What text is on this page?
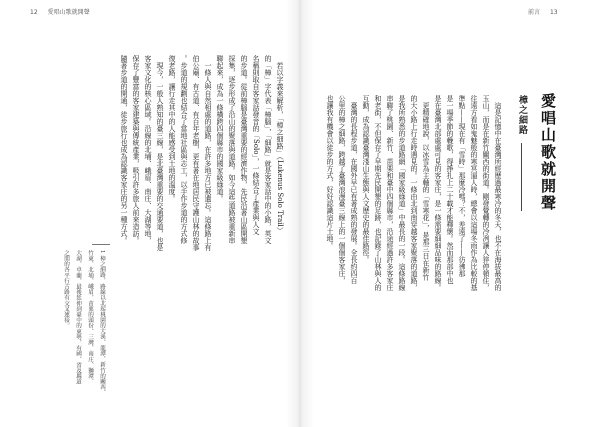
12 愛唱山歌就開聲	前言 13
愛唱山歌就開聲
樟之細路
　這是記憶中在臺灣所經歷過最寒冷的冬天，也不在海拔最高的
玉山，而是在新竹關西的街道。剛發覺轉的冷冽讓人猝停頓住，
往遠方看如鬼魅般的寒冥逼人時，總會以這場冬雨作為比較的基
準點——現在有「雪時」那麼冷嗎？不，差遠了——彷彿那
是一場季節的輓歌，得掙扎上二十載才能釋懷。然而那部中也
是在臺灣北部處處可見的客家庄，是一條需要細細品味的路線。
　更精確地說，以冰雪為主軸的「雪寒花」，是那三日在新竹
的大小路上行走時遇見的。一條由北到南穿越客家聚落的道路，
是我所熟悉的步道路網「國家級綠道」中最長的一段。這條路線
串聯了桃園、新竹、苗栗和臺中四個縣市，沿途經過許多客家庄
和老街，不但保存了早期先民開墾的足跡，也記錄了山林與人的
互動，成為認識臺灣淺山生態與人文歷史的最佳路徑。
　臺灣的長程步道，在國外早已有著成熟的發展。全長約四百
公里的樟之細路，跨越了臺灣浪漫臺三線上的一個個客家庄，
也讓我有機會以徒步的方式，好好認識這片土地。
　若以字義來解析，「樟之細路」（Lukenus Solo Trail）
的「樟」字代表「樟腦」，「細路」就是客家話中的小路，英文
名稱則取自客家話發音的「Solo」，一條結合了產業與人文
的步道。從前樟腦是臺灣重要的經濟作物，先民沿著山區開墾
採集，逐步形成了沿山的聚落與道路。如今這些道路被重新串
聯起來，成為一條橫跨四個縣市的國家級綠道。
　一條人與自然相處的道路，在許多地方已被遺忘。這條路上有
伯公廟、有古道、有百年老樹，更有著在地居民守護山林的故事
。步道的規劃也結合了當地社區與志工，以手作步道的方式修
復老路，讓行走其中的人能感受到土地的溫度。
　現今，一般人熟知的臺三線，是北臺灣重要的交通要道，也是
客家文化的核心區域。沿線的北埔、峨眉、南庄、大湖等地，
保存了豐富的客家建築與傳統產業，吸引許多旅人前來造訪。
隨著步道的開通，徒步旅行也成為認識客家庄的另一種方式。
1 樟之細路，路線以北起桃園的大溪、龍潭，新竹的關西、
竹東、北埔、峨眉，苗栗的頭份、三灣、南庄、獅潭、
大湖、卓蘭，最後延伸到臺中的東勢，有國、省及縣道
之間的各平行古路有交叉連接。
